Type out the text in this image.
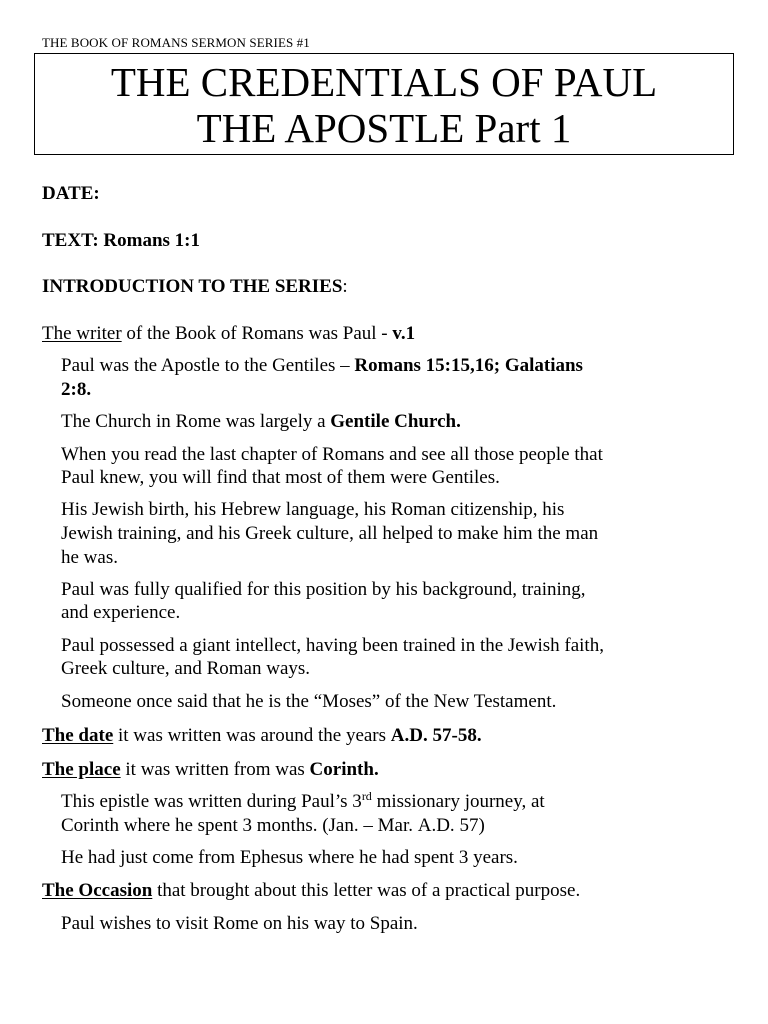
THE BOOK OF ROMANS SERMON SERIES #1
THE CREDENTIALS OF PAUL
THE APOSTLE Part 1
DATE:
TEXT: Romans 1:1
INTRODUCTION TO THE SERIES:
The writer of the Book of Romans was Paul - v.1
Paul was the Apostle to the Gentiles – Romans 15:15,16; Galatians
2:8.
The Church in Rome was largely a Gentile Church.
When you read the last chapter of Romans and see all those people that
Paul knew, you will find that most of them were Gentiles.
His Jewish birth, his Hebrew language, his Roman citizenship, his
Jewish training, and his Greek culture, all helped to make him the man
he was.
Paul was fully qualified for this position by his background, training,
and experience.
Paul possessed a giant intellect, having been trained in the Jewish faith,
Greek culture, and Roman ways.
Someone once said that he is the “Moses” of the New Testament.
The date it was written was around the years A.D. 57-58.
The place it was written from was Corinth.
This epistle was written during Paul’s 3rd missionary journey, at
Corinth where he spent 3 months. (Jan. – Mar. A.D. 57)
He had just come from Ephesus where he had spent 3 years.
The Occasion that brought about this letter was of a practical purpose.
Paul wishes to visit Rome on his way to Spain.
